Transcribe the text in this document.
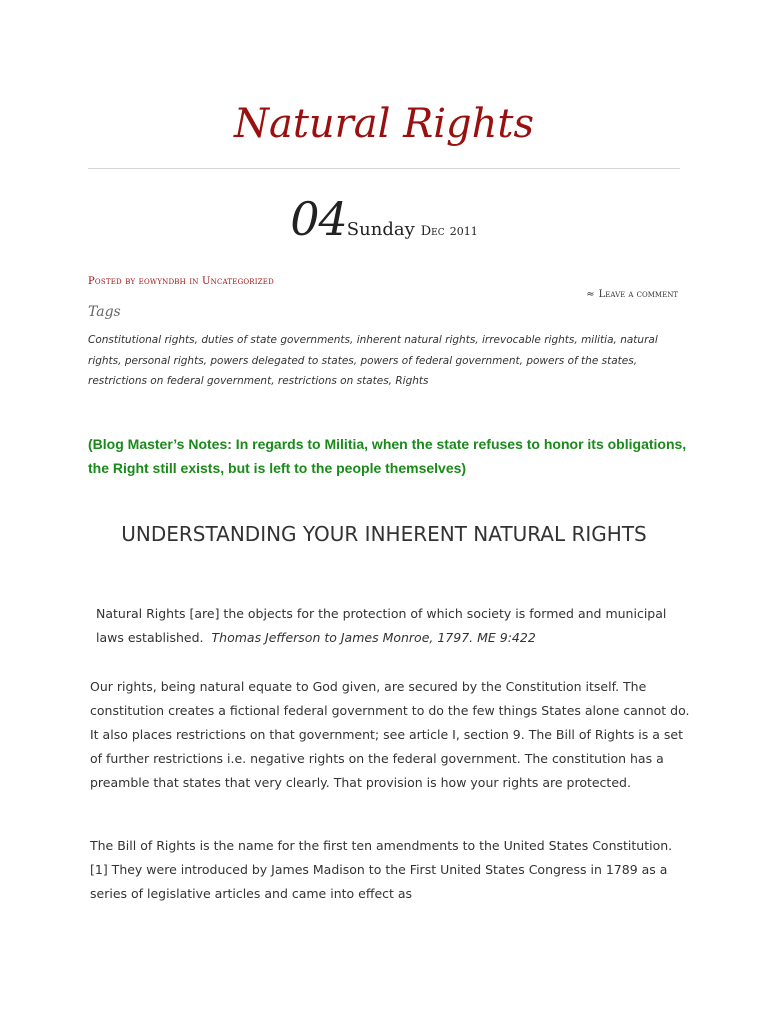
Natural Rights
04Sunday Dec 2011
Posted by eowyndbh in Uncategorized
≈ Leave a comment
Tags
Constitutional rights, duties of state governments, inherent natural rights, irrevocable rights, militia, natural rights, personal rights, powers delegated to states, powers of federal government, powers of the states, restrictions on federal government, restrictions on states, Rights
(Blog Master’s Notes: In regards to Militia, when the state refuses to honor its obligations, the Right still exists, but is left to the people themselves)
UNDERSTANDING YOUR INHERENT NATURAL RIGHTS

Natural Rights [are] the objects for the protection of which society is formed and municipal laws established. Thomas Jefferson to James Monroe, 1797. ME 9:422

Our rights, being natural equate to God given, are secured by the Constitution itself. The constitution creates a fictional federal government to do the few things States alone cannot do. It also places restrictions on that government; see article I, section 9. The Bill of Rights is a set of further restrictions i.e. negative rights on the federal government. The constitution has a preamble that states that very clearly. That provision is how your rights are protected.

The Bill of Rights is the name for the first ten amendments to the United States Constitution. [1] They were introduced by James Madison to the First United States Congress in 1789 as a series of legislative articles and came into effect as
